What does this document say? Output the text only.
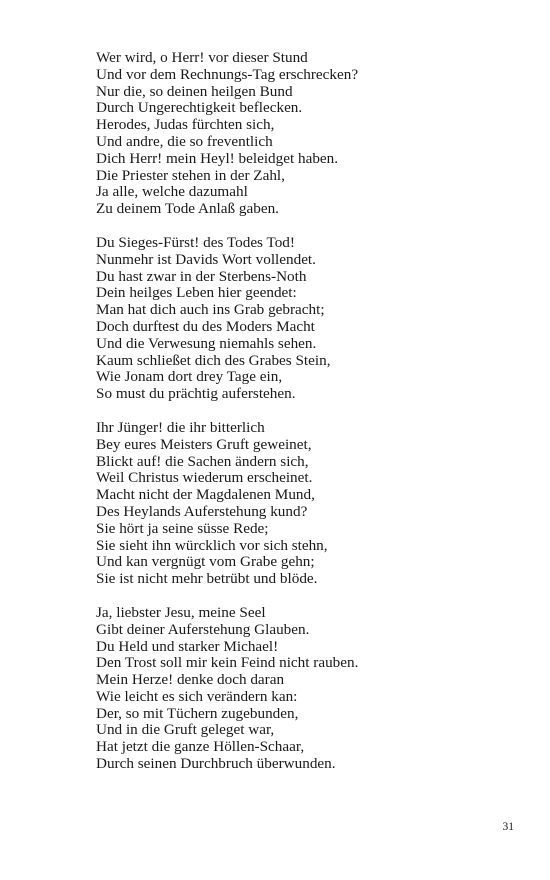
Wer wird, o Herr! vor dieser Stund
Und vor dem Rechnungs-Tag erschrecken?
Nur die, so deinen heilgen Bund
Durch Ungerechtigkeit beflecken.
Herodes, Judas fürchten sich,
Und andre, die so freventlich
Dich Herr! mein Heyl! beleidget haben.
Die Priester stehen in der Zahl,
Ja alle, welche dazumahl
Zu deinem Tode Anlaß gaben.
Du Sieges-Fürst! des Todes Tod!
Nunmehr ist Davids Wort vollendet.
Du hast zwar in der Sterbens-Noth
Dein heilges Leben hier geendet:
Man hat dich auch ins Grab gebracht;
Doch durftest du des Moders Macht
Und die Verwesung niemahls sehen.
Kaum schließet dich des Grabes Stein,
Wie Jonam dort drey Tage ein,
So must du prächtig auferstehen.
Ihr Jünger! die ihr bitterlich
Bey eures Meisters Gruft geweinet,
Blickt auf! die Sachen ändern sich,
Weil Christus wiederum erscheinet.
Macht nicht der Magdalenen Mund,
Des Heylands Auferstehung kund?
Sie hört ja seine süsse Rede;
Sie sieht ihn würcklich vor sich stehn,
Und kan vergnügt vom Grabe gehn;
Sie ist nicht mehr betrübt und blöde.
Ja, liebster Jesu, meine Seel
Gibt deiner Auferstehung Glauben.
Du Held und starker Michael!
Den Trost soll mir kein Feind nicht rauben.
Mein Herze! denke doch daran
Wie leicht es sich verändern kan:
Der, so mit Tüchern zugebunden,
Und in die Gruft geleget war,
Hat jetzt die ganze Höllen-Schaar,
Durch seinen Durchbruch überwunden.
31
